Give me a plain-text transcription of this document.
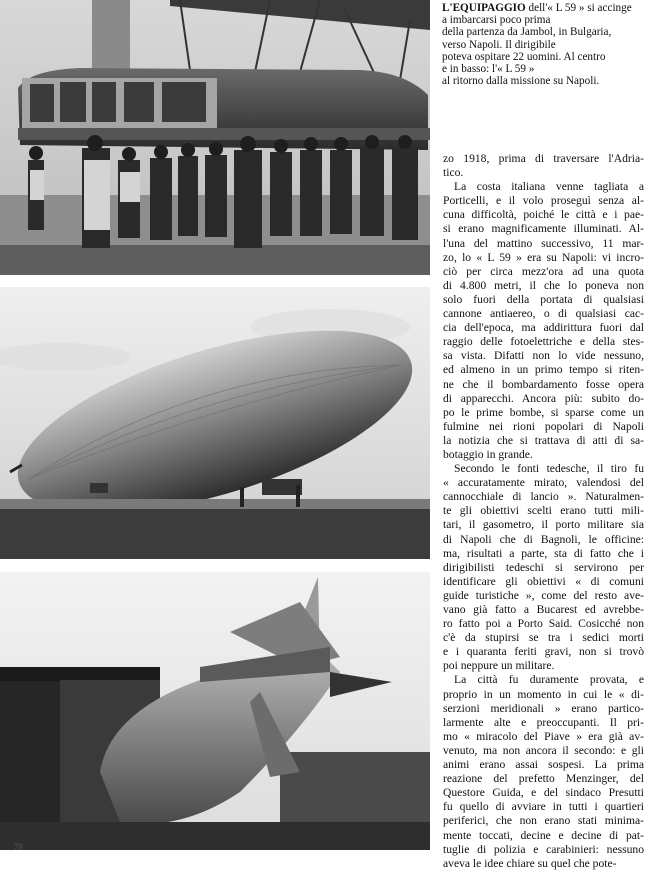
L'EQUIPAGGIO dell'« L 59 » si accinge
a imbarcarsi poco prima
della partenza da Jambol, in Bulgaria,
verso Napoli. Il dirigibile
poteva ospitare 22 uomini. Al centro
e in basso: l'« L 59 »
al ritorno dalla missione su Napoli.

zo 1918, prima di traversare l'Adria-
tico.

La costa italiana venne tagliata a
Porticelli, e il volo proseguì senza al-
cuna difficoltà, poiché le città e i pae-
si erano magnificamente illuminati. Al-
l'una del mattino successivo, 11 mar-
zo, lo « L 59 » era su Napoli: vi incro-
ciò per circa mezz'ora ad una quota
di 4.800 metri, il che lo poneva non
solo fuori della portata di qualsiasi
cannone antiaereo, o di qualsiasi cac-
cia dell'epoca, ma addirittura fuori dal
raggio delle fotoelettriche e della stes-
sa vista. Difatti non lo vide nessuno,
ed almeno in un primo tempo si riten-
ne che il bombardamento fosse opera
di apparecchi. Ancora più: subito do-
po le prime bombe, si sparse come un
fulmine nei rioni popolari di Napoli
la notizia che si trattava di atti di sa-
botaggio in grande.

Secondo le fonti tedesche, il tiro fu
« accuratamente mirato, valendosi del
cannocchiale di lancio ». Naturalmen-
te gli obiettivi scelti erano tutti mili-
tari, il gasometro, il porto militare sia
di Napoli che di Bagnoli, le officine:
ma, risultati a parte, sta di fatto che i
dirigibilisti tedeschi si servirono per
identificare gli obiettivi « di comuni
guide turistiche », come del resto ave-
vano già fatto a Bucarest ed avrebbe-
ro fatto poi a Porto Said. Cosicché non
c'è da stupirsi se tra i sedici morti
e i quaranta feriti gravi, non si trovò
poi neppure un militare.

La città fu duramente provata, e
proprio in un momento in cui le « di-
serzioni meridionali » erano partico-
larmente alte e preoccupanti. Il pri-
mo « miracolo del Piave » era già av-
venuto, ma non ancora il secondo: e gli
animi erano assai sospesi. La prima
reazione del prefetto Menzinger, del
Questore Guida, e del sindaco Presutti
fu quello di avviare in tutti i quartieri
periferici, che non erano stati minima-
mente toccati, decine e decine di pat-
tuglie di polizia e carabinieri: nessuno
aveva le idee chiare su quel che pote-

78
